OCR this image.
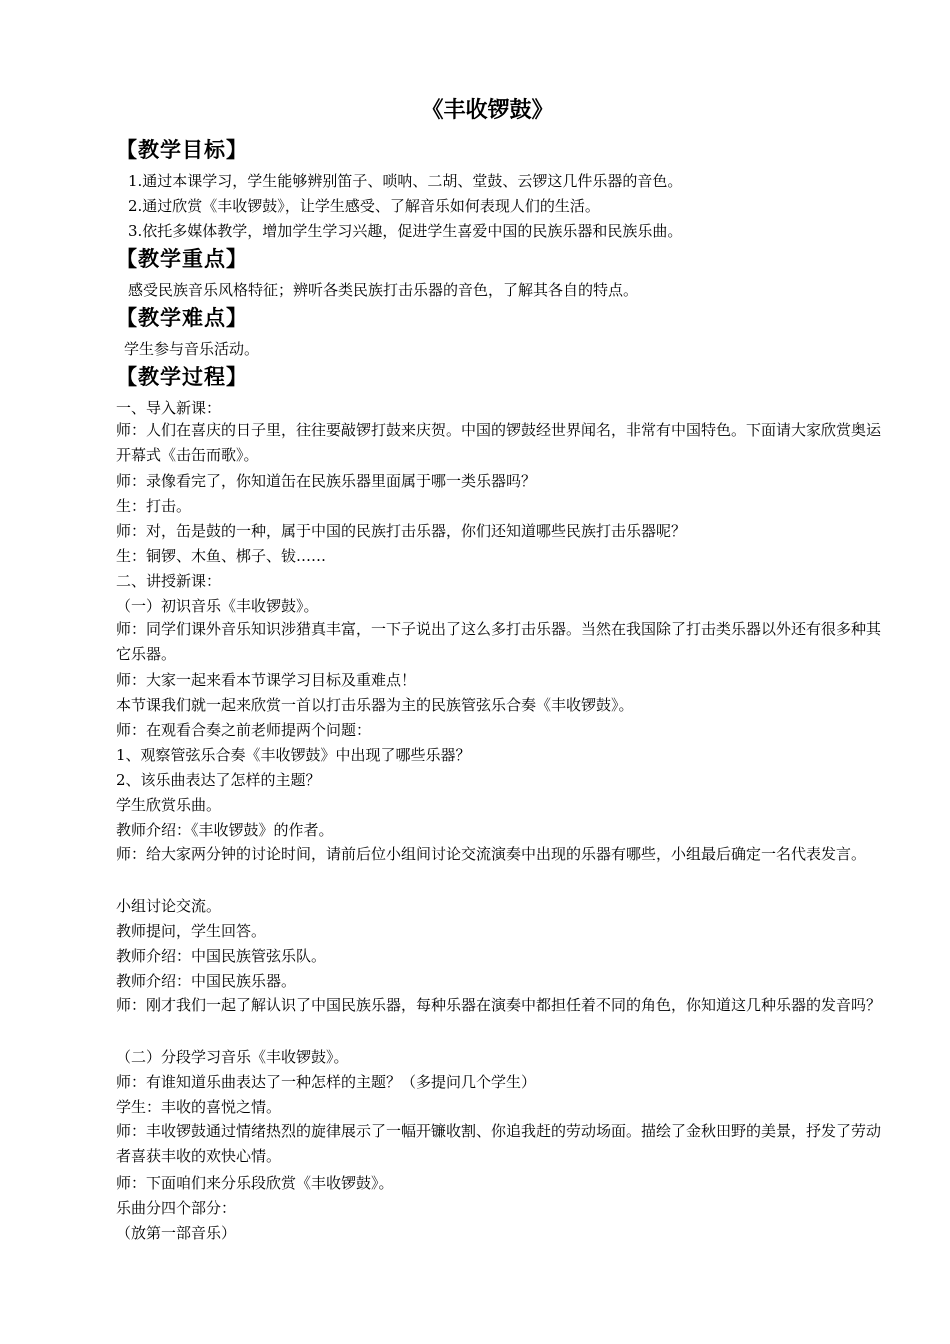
《丰收锣鼓》
【教学目标】
1.通过本课学习，学生能够辨别笛子、唢呐、二胡、堂鼓、云锣这几件乐器的音色。
2.通过欣赏《丰收锣鼓》，让学生感受、了解音乐如何表现人们的生活。
3.依托多媒体教学，增加学生学习兴趣，促进学生喜爱中国的民族乐器和民族乐曲。
【教学重点】
感受民族音乐风格特征；辨听各类民族打击乐器的音色，了解其各自的特点。
【教学难点】
学生参与音乐活动。
【教学过程】
一、导入新课：
师：人们在喜庆的日子里，往往要敲锣打鼓来庆贺。中国的锣鼓经世界闻名，非常有中国特色。下面请大家欣赏奥运开幕式《击缶而歌》。
师：录像看完了，你知道缶在民族乐器里面属于哪一类乐器吗？
生：打击。
师：对，缶是鼓的一种，属于中国的民族打击乐器，你们还知道哪些民族打击乐器呢？
生：铜锣、木鱼、梆子、钹……
二、讲授新课：
（一）初识音乐《丰收锣鼓》。
师：同学们课外音乐知识涉猎真丰富，一下子说出了这么多打击乐器。当然在我国除了打击类乐器以外还有很多种其它乐器。
师：大家一起来看本节课学习目标及重难点！
本节课我们就一起来欣赏一首以打击乐器为主的民族管弦乐合奏《丰收锣鼓》。
师：在观看合奏之前老师提两个问题：
1、观察管弦乐合奏《丰收锣鼓》中出现了哪些乐器？
2、该乐曲表达了怎样的主题？
学生欣赏乐曲。
教师介绍：《丰收锣鼓》的作者。
师：给大家两分钟的讨论时间，请前后位小组间讨论交流演奏中出现的乐器有哪些，小组最后确定一名代表发言。
小组讨论交流。
教师提问，学生回答。
教师介绍：中国民族管弦乐队。
教师介绍：中国民族乐器。
师：刚才我们一起了解认识了中国民族乐器，每种乐器在演奏中都担任着不同的角色，你知道这几种乐器的发音吗？
（二）分段学习音乐《丰收锣鼓》。
师：有谁知道乐曲表达了一种怎样的主题？（多提问几个学生）
学生：丰收的喜悦之情。
师：丰收锣鼓通过情绪热烈的旋律展示了一幅开镰收割、你追我赶的劳动场面。描绘了金秋田野的美景，抒发了劳动者喜获丰收的欢快心情。
师：下面咱们来分乐段欣赏《丰收锣鼓》。
乐曲分四个部分：
（放第一部音乐）
